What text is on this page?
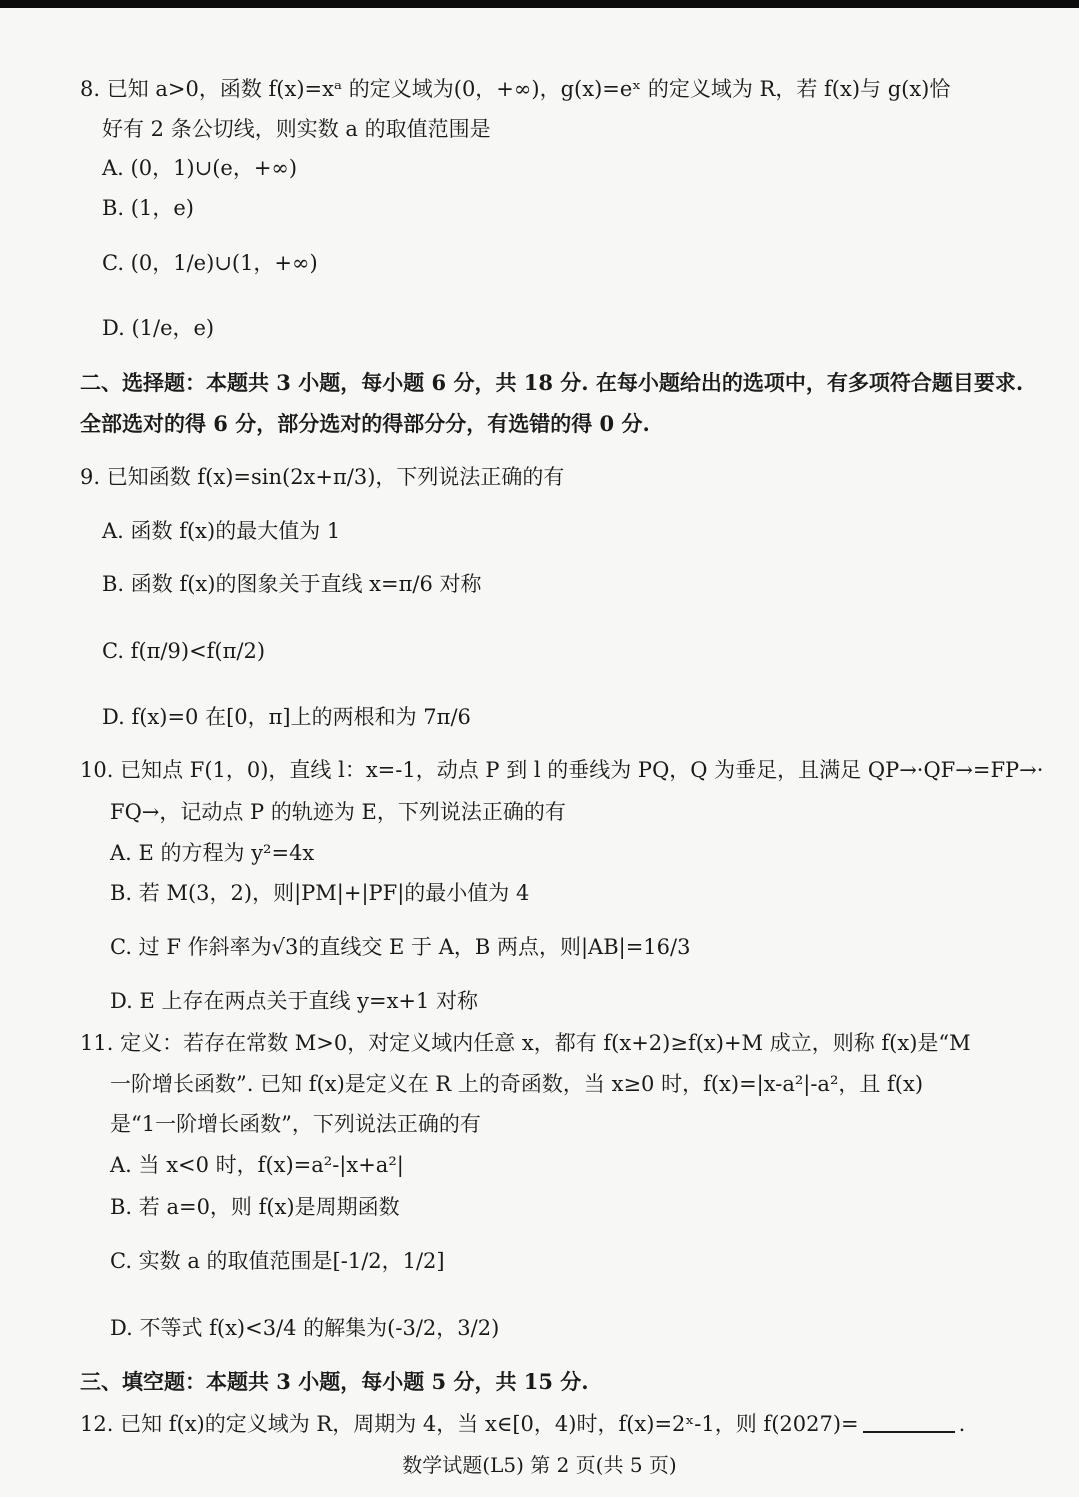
8. 已知 a>0，函数 f(x)=xᵃ 的定义域为(0，+∞)，g(x)=eˣ 的定义域为 R，若 f(x)与 g(x)恰
好有 2 条公切线，则实数 a 的取值范围是
A. (0，1)∪(e，+∞)
B. (1，e)
C. (0，1/e)∪(1，+∞)
D. (1/e，e)
二、选择题：本题共 3 小题，每小题 6 分，共 18 分. 在每小题给出的选项中，有多项符合题目要求.
全部选对的得 6 分，部分选对的得部分分，有选错的得 0 分.
9. 已知函数 f(x)=sin(2x+π/3)，下列说法正确的有
A. 函数 f(x)的最大值为 1
B. 函数 f(x)的图象关于直线 x=π/6 对称
C. f(π/9)<f(π/2)
D. f(x)=0 在[0，π]上的两根和为 7π/6
10. 已知点 F(1，0)，直线 l：x=-1，动点 P 到 l 的垂线为 PQ，Q 为垂足，且满足 QP→·QF→=FP→·
FQ→，记动点 P 的轨迹为 E，下列说法正确的有
A. E 的方程为 y²=4x
B. 若 M(3，2)，则|PM|+|PF|的最小值为 4
C. 过 F 作斜率为√3的直线交 E 于 A，B 两点，则|AB|=16/3
D. E 上存在两点关于直线 y=x+1 对称
11. 定义：若存在常数 M>0，对定义域内任意 x，都有 f(x+2)≥f(x)+M 成立，则称 f(x)是“M
一阶增长函数”. 已知 f(x)是定义在 R 上的奇函数，当 x≥0 时，f(x)=|x-a²|-a²，且 f(x)
是“1一阶增长函数”，下列说法正确的有
A. 当 x<0 时，f(x)=a²-|x+a²|
B. 若 a=0，则 f(x)是周期函数
C. 实数 a 的取值范围是[-1/2，1/2]
D. 不等式 f(x)<3/4 的解集为(-3/2，3/2)
三、填空题：本题共 3 小题，每小题 5 分，共 15 分.
12. 已知 f(x)的定义域为 R，周期为 4，当 x∈[0，4)时，f(x)=2ˣ-1，则 f(2027)=	.
数学试题(L5) 第 2 页(共 5 页)
